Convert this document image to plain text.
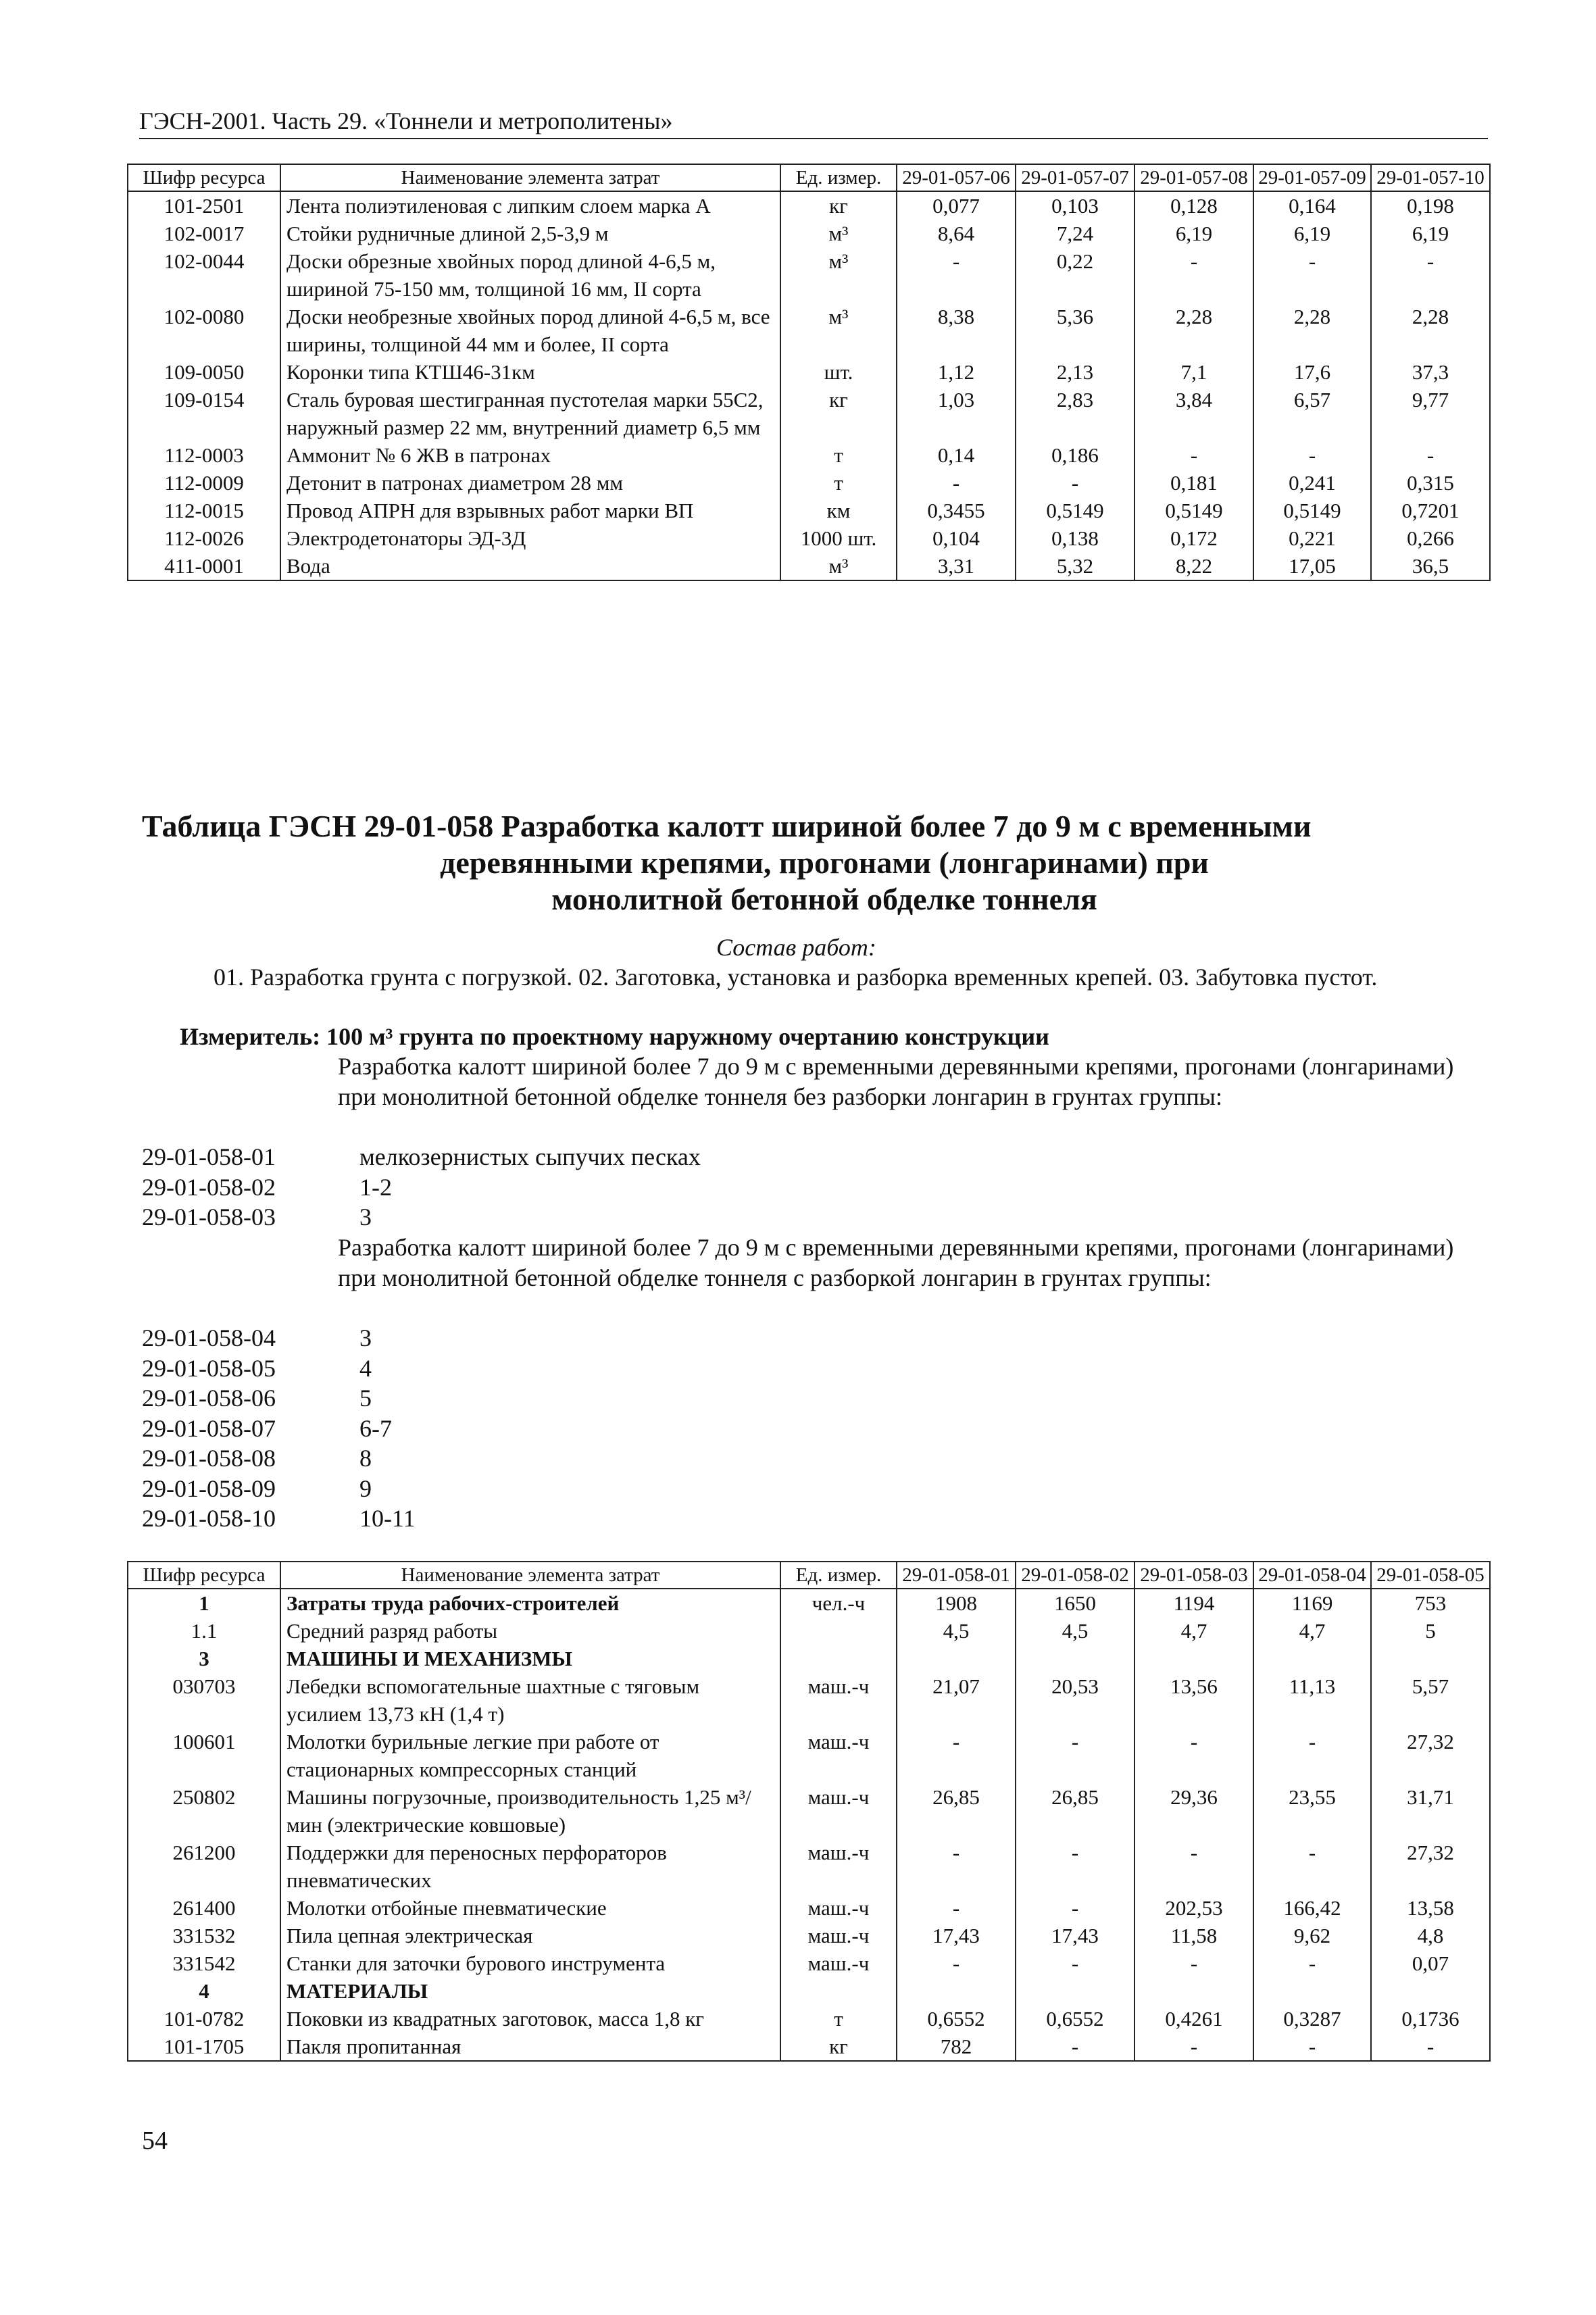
ГЭСН-2001. Часть 29. «Тоннели и метрополитены»
Шифр ресурса	Наименование элемента затрат	Ед. измер.	29-01-057-06	29-01-057-07	29-01-057-08	29-01-057-09	29-01-057-10
101-2501	Лента полиэтиленовая с липким слоем марка А	кг	0,077	0,103	0,128	0,164	0,198
102-0017	Стойки рудничные длиной 2,5-3,9 м	м³	8,64	7,24	6,19	6,19	6,19
102-0044	Доски обрезные хвойных пород длиной 4-6,5 м, шириной 75-150 мм, толщиной 16 мм, II сорта	м³	-	0,22	-	-	-
102-0080	Доски необрезные хвойных пород длиной 4-6,5 м, все ширины, толщиной 44 мм и более, II сорта	м³	8,38	5,36	2,28	2,28	2,28
109-0050	Коронки типа КТШ46-31км	шт.	1,12	2,13	7,1	17,6	37,3
109-0154	Сталь буровая шестигранная пустотелая марки 55С2, наружный размер 22 мм, внутренний диаметр 6,5 мм	кг	1,03	2,83	3,84	6,57	9,77
112-0003	Аммонит № 6 ЖВ в патронах	т	0,14	0,186	-	-	-
112-0009	Детонит в патронах диаметром 28 мм	т	-	-	0,181	0,241	0,315
112-0015	Провод АПРН для взрывных работ марки ВП	км	0,3455	0,5149	0,5149	0,5149	0,7201
112-0026	Электродетонаторы ЭД-3Д	1000 шт.	0,104	0,138	0,172	0,221	0,266
411-0001	Вода	м³	3,31	5,32	8,22	17,05	36,5
Таблица ГЭСН 29-01-058 Разработка калотт шириной более 7 до 9 м с временными
деревянными крепями, прогонами (лонгаринами) при
монолитной бетонной обделке тоннеля
Состав работ:
01. Разработка грунта с погрузкой. 02. Заготовка, установка и разборка временных крепей. 03. Забутовка пустот.
Измеритель: 100 м³ грунта по проектному наружному очертанию конструкции
Разработка калотт шириной более 7 до 9 м с временными деревянными крепями, прогонами (лонгаринами) при монолитной бетонной обделке тоннеля без разборки лонгарин в грунтах группы:
29-01-058-01	мелкозернистых сыпучих песках
29-01-058-02	1-2
29-01-058-03	3
Разработка калотт шириной более 7 до 9 м с временными деревянными крепями, прогонами (лонгаринами) при монолитной бетонной обделке тоннеля с разборкой лонгарин в грунтах группы:
29-01-058-04	3
29-01-058-05	4
29-01-058-06	5
29-01-058-07	6-7
29-01-058-08	8
29-01-058-09	9
29-01-058-10	10-11
Шифр ресурса	Наименование элемента затрат	Ед. измер.	29-01-058-01	29-01-058-02	29-01-058-03	29-01-058-04	29-01-058-05
1	Затраты труда рабочих-строителей	чел.-ч	1908	1650	1194	1169	753
1.1	Средний разряд работы		4,5	4,5	4,7	4,7	5
3	МАШИНЫ И МЕХАНИЗМЫ						
030703	Лебедки вспомогательные шахтные с тяговым усилием 13,73 кН (1,4 т)	маш.-ч	21,07	20,53	13,56	11,13	5,57
100601	Молотки бурильные легкие при работе от стационарных компрессорных станций	маш.-ч	-	-	-	-	27,32
250802	Машины погрузочные, производительность 1,25 м³/мин (электрические ковшовые)	маш.-ч	26,85	26,85	29,36	23,55	31,71
261200	Поддержки для переносных перфораторов пневматических	маш.-ч	-	-	-	-	27,32
261400	Молотки отбойные пневматические	маш.-ч	-	-	202,53	166,42	13,58
331532	Пила цепная электрическая	маш.-ч	17,43	17,43	11,58	9,62	4,8
331542	Станки для заточки бурового инструмента	маш.-ч	-	-	-	-	0,07
4	МАТЕРИАЛЫ						
101-0782	Поковки из квадратных заготовок, масса 1,8 кг	т	0,6552	0,6552	0,4261	0,3287	0,1736
101-1705	Пакля пропитанная	кг	782	-	-	-	-
54
